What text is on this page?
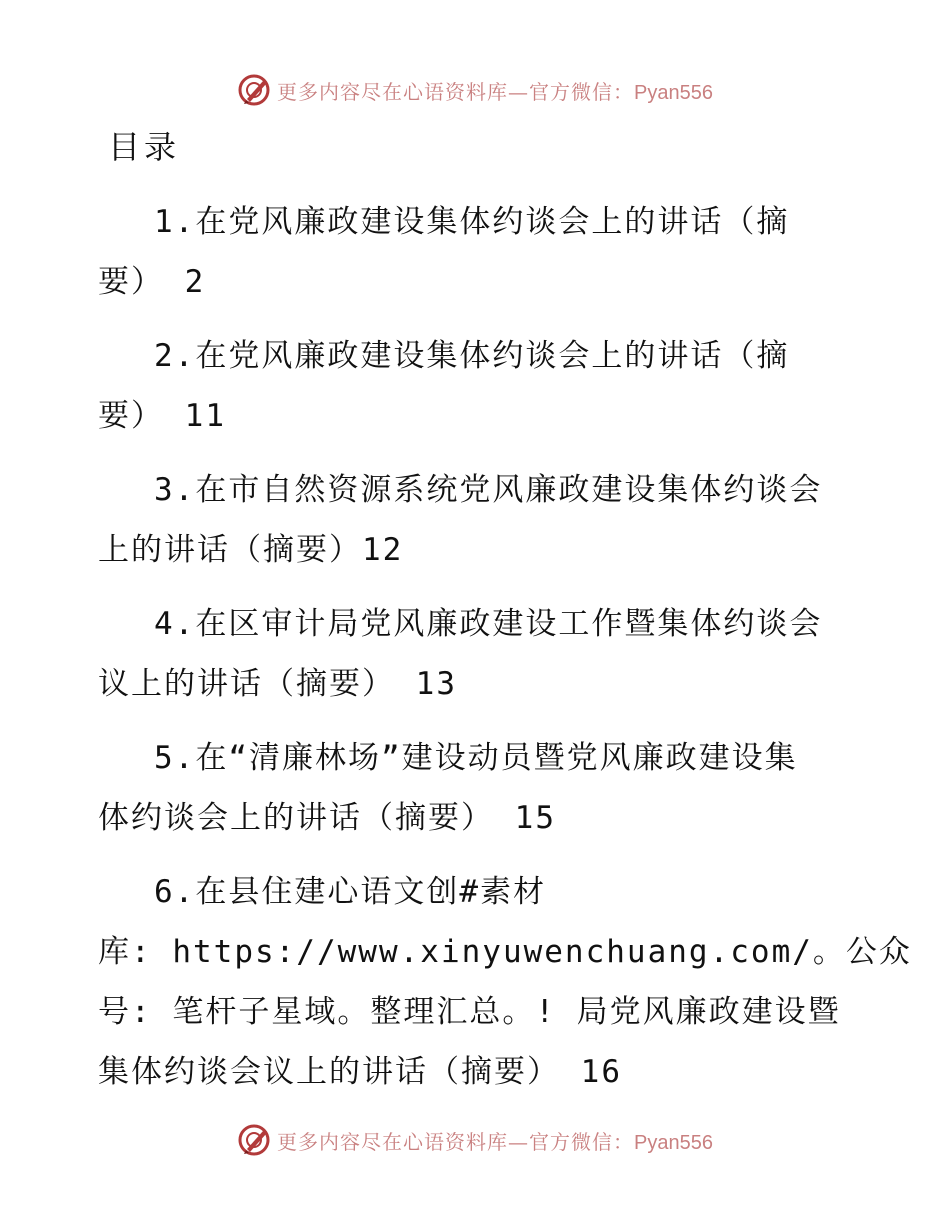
更多内容尽在心语资料库—官方微信：Pyan556
目录
1.在党风廉政建设集体约谈会上的讲话（摘
要） 2
2.在党风廉政建设集体约谈会上的讲话（摘
要） 11
3.在市自然资源系统党风廉政建设集体约谈会
上的讲话（摘要）12
4.在区审计局党风廉政建设工作暨集体约谈会
议上的讲话（摘要） 13
5.在“清廉林场”建设动员暨党风廉政建设集
体约谈会上的讲话（摘要） 15
6.在县住建心语文创#素材
库: https://www.xinyuwenchuang.com/。公众
号: 笔杆子星域。整理汇总。! 局党风廉政建设暨
集体约谈会议上的讲话（摘要） 16
更多内容尽在心语资料库—官方微信：Pyan556
